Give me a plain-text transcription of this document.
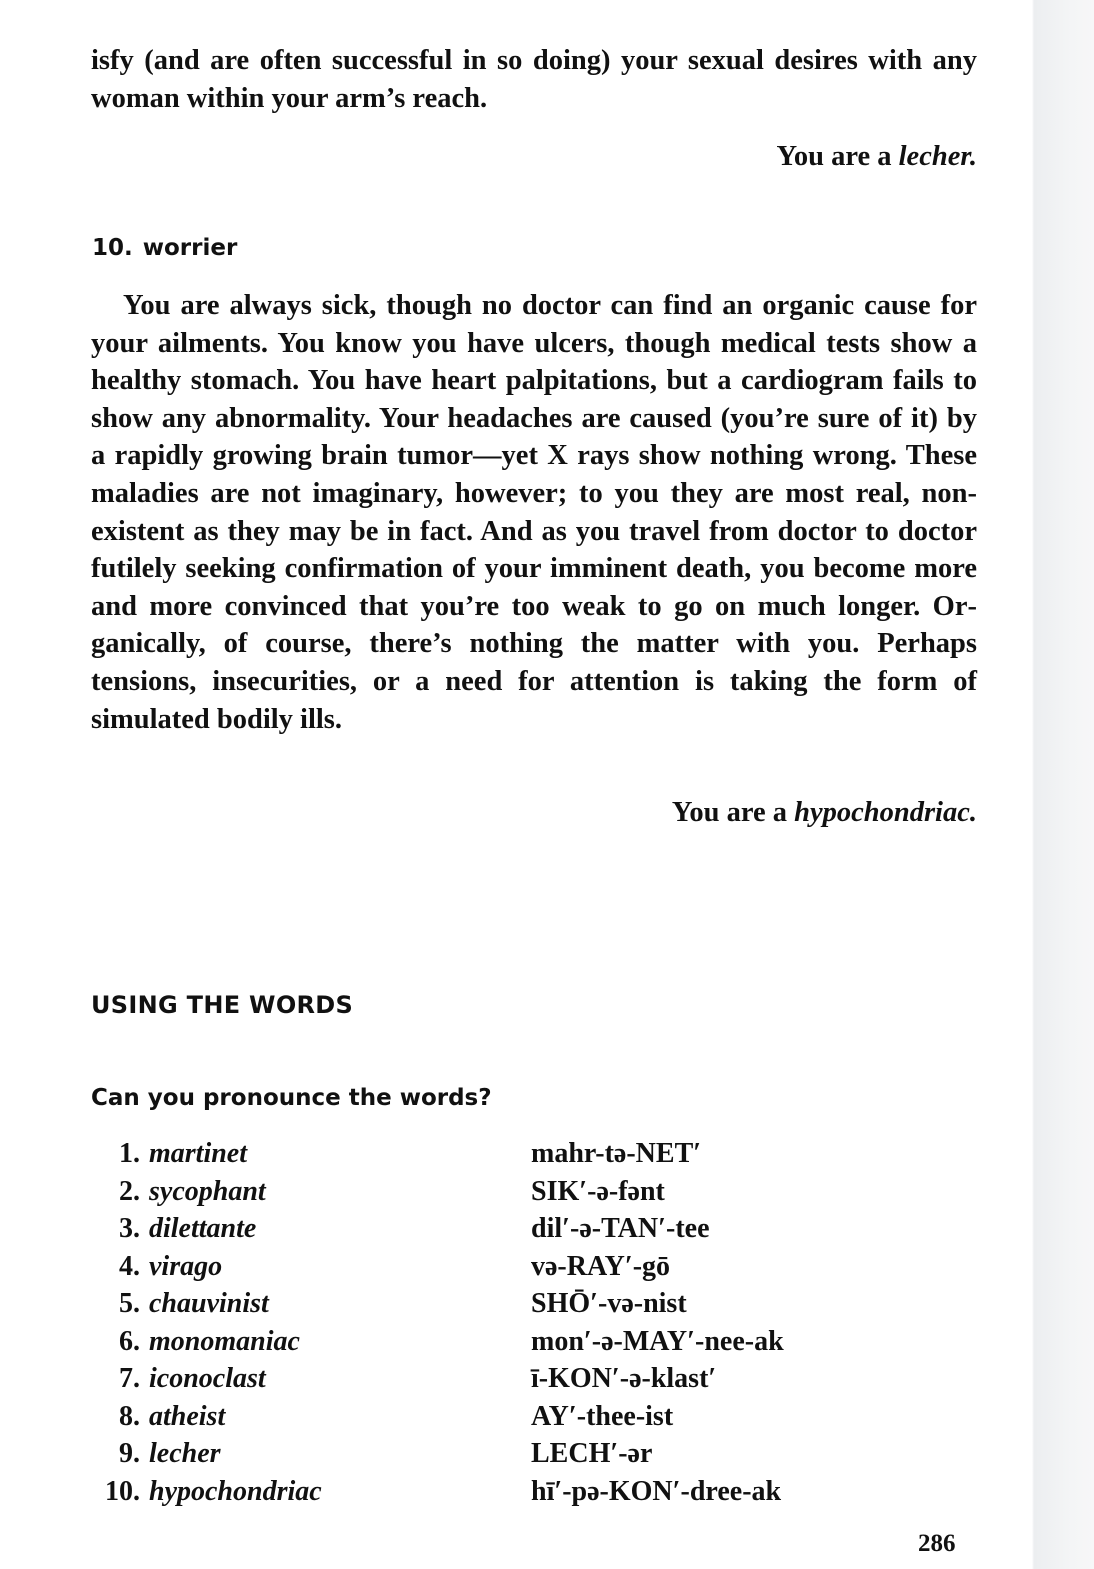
isfy (and are often successful in so doing) your sexual desires with any woman within your arm’s reach.

You are a lecher.

10. worrier

You are always sick, though no doctor can find an organic cause for your ailments. You know you have ulcers, though medical tests show a healthy stomach. You have heart palpitations, but a cardiogram fails to show any abnormality. Your headaches are caused (you’re sure of it) by a rapidly growing brain tumor—yet X rays show nothing wrong. These maladies are not imaginary, however; to you they are most real, non-existent as they may be in fact. And as you travel from doctor to doctor futilely seeking confirmation of your imminent death, you become more and more convinced that you’re too weak to go on much longer. Organically, of course, there’s nothing the matter with you. Perhaps tensions, insecurities, or a need for attention is taking the form of simulated bodily ills.

You are a hypochondriac.

USING THE WORDS

Can you pronounce the words?

1. martinet	mahr-tə-NET′
2. sycophant	SIK′-ə-fənt
3. dilettante	dil′-ə-TAN′-tee
4. virago	və-RAY′-gō
5. chauvinist	SHŌ′-və-nist
6. monomaniac	mon′-ə-MAY′-nee-ak
7. iconoclast	ī-KON′-ə-klast′
8. atheist	AY′-thee-ist
9. lecher	LECH′-ər
10. hypochondriac	hī′-pə-KON′-dree-ak

286
